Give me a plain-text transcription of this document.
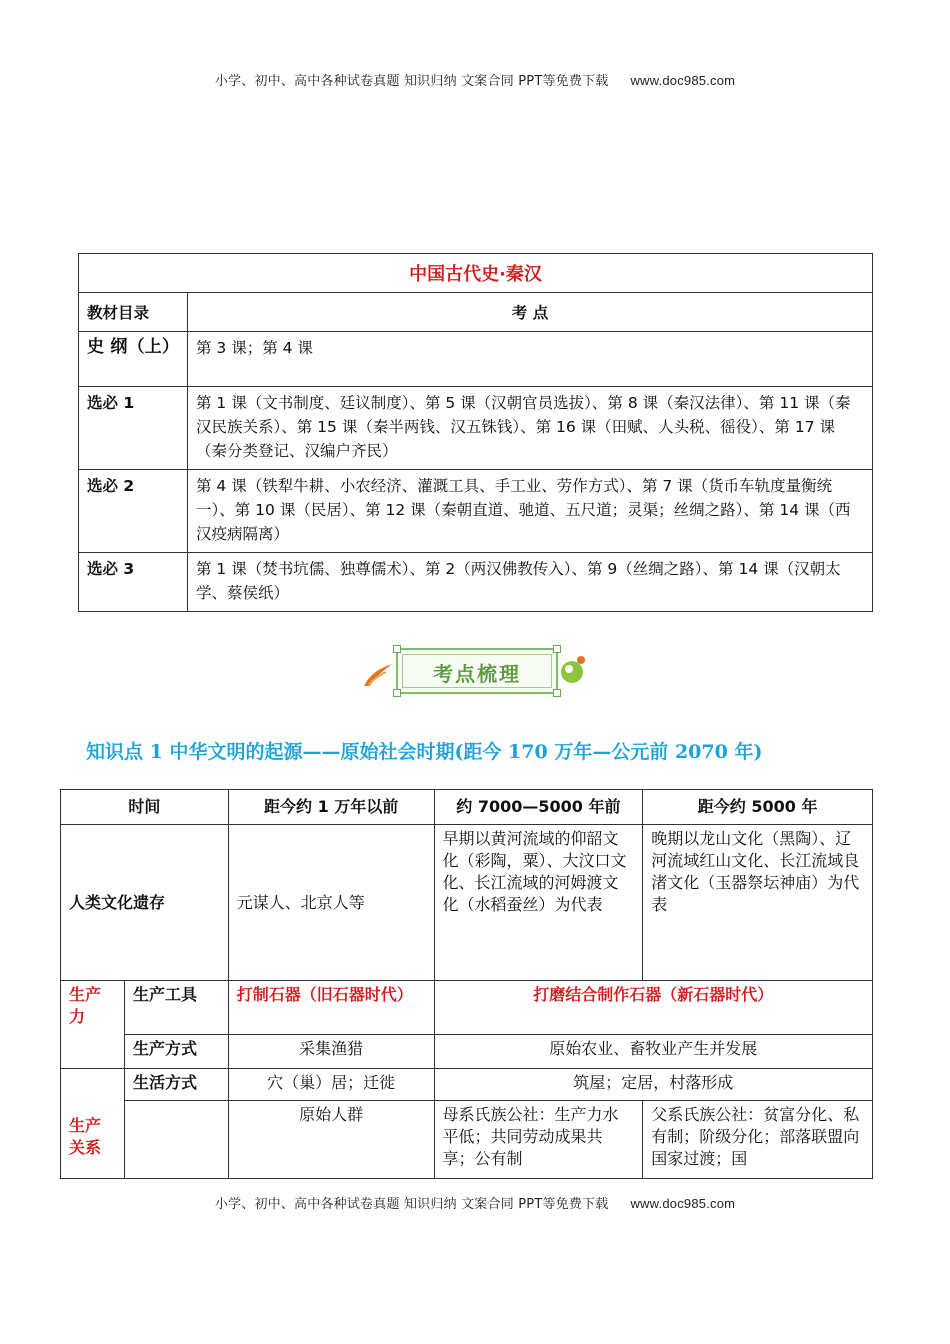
小学、初中、高中各种试卷真题 知识归纳 文案合同 PPT等免费下载 www.doc985.com
中国古代史·秦汉	
教材目录	考 点
史 纲（上）	第 3 课；第 4 课
选必 1	第 1 课（文书制度、廷议制度）、第 5 课（汉朝官员选拔）、第 8 课（秦汉法律）、第 11 课（秦汉民族关系）、第 15 课（秦半两钱、汉五铢钱）、第 16 课（田赋、人头税、徭役）、第 17 课（秦分类登记、汉编户齐民）
选必 2	第 4 课（铁犁牛耕、小农经济、灌溉工具、手工业、劳作方式）、第 7 课（货币车轨度量衡统一）、第 10 课（民居）、第 12 课（秦朝直道、驰道、五尺道；灵渠；丝绸之路）、第 14 课（西汉疫病隔离）
选必 3	第 1 课（焚书坑儒、独尊儒术）、第 2（两汉佛教传入）、第 9（丝绸之路）、第 14 课（汉朝太学、蔡侯纸）
考点梳理
知识点 1 中华文明的起源——原始社会时期(距今 170 万年—公元前 2070 年)
时间		距今约 1 万年以前	约 7000—5000 年前	距今约 5000 年
人类文化遗存		元谋人、北京人等	早期以黄河流域的仰韶文化（彩陶，粟）、大汶口文化、长江流域的河姆渡文化（水稻蚕丝）为代表	晚期以龙山文化（黑陶）、辽河流域红山文化、长江流域良渚文化（玉器祭坛神庙）为代表
生产力	生产工具	打制石器（旧石器时代）	打磨结合制作石器（新石器时代）	
	生产方式	采集渔猎	原始农业、畜牧业产生并发展	
生产关系	生活方式	穴（巢）居；迁徙	筑屋；定居，村落形成	
		原始人群	母系氏族公社：生产力水平低；共同劳动成果共享；公有制	父系氏族公社：贫富分化、私有制；阶级分化；部落联盟向国家过渡；国
小学、初中、高中各种试卷真题 知识归纳 文案合同 PPT等免费下载 www.doc985.com
